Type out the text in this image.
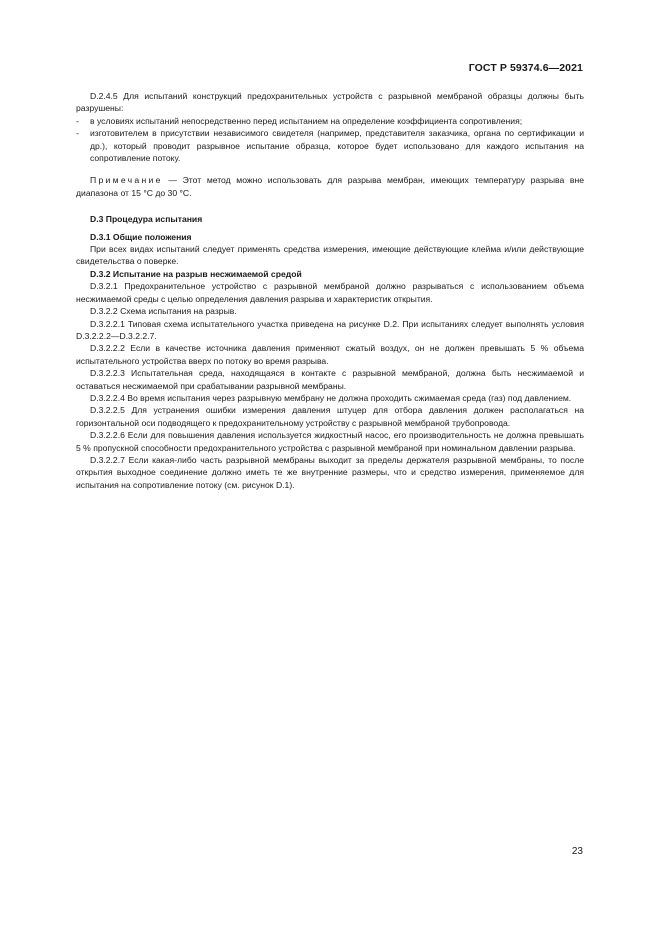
ГОСТ Р 59374.6—2021

D.2.4.5 Для испытаний конструкций предохранительных устройств с разрывной мембраной образцы должны быть разрушены:

- в условиях испытаний непосредственно перед испытанием на определение коэффициента сопротивления;
- изготовителем в присутствии независимого свидетеля (например, представителя заказчика, органа по сертификации и др.), который проводит разрывное испытание образца, которое будет использовано для каждого испытания на сопротивление потоку.

Примечание — Этот метод можно использовать для разрыва мембран, имеющих температуру разрыва вне диапазона от 15 °C до 30 °C.

D.3 Процедура испытания

D.3.1 Общие положения

При всех видах испытаний следует применять средства измерения, имеющие действующие клейма и/или действующие свидетельства о поверке.

D.3.2 Испытание на разрыв несжимаемой средой

D.3.2.1 Предохранительное устройство с разрывной мембраной должно разрываться с использованием объема несжимаемой среды с целью определения давления разрыва и характеристик открытия.

D.3.2.2 Схема испытания на разрыв.

D.3.2.2.1 Типовая схема испытательного участка приведена на рисунке D.2. При испытаниях следует выполнять условия D.3.2.2.2—D.3.2.2.7.

D.3.2.2.2 Если в качестве источника давления применяют сжатый воздух, он не должен превышать 5 % объема испытательного устройства вверх по потоку во время разрыва.

D.3.2.2.3 Испытательная среда, находящаяся в контакте с разрывной мембраной, должна быть несжимаемой и оставаться несжимаемой при срабатывании разрывной мембраны.

D.3.2.2.4 Во время испытания через разрывную мембрану не должна проходить сжимаемая среда (газ) под давлением.

D.3.2.2.5 Для устранения ошибки измерения давления штуцер для отбора давления должен располагаться на горизонтальной оси подводящего к предохранительному устройству с разрывной мембраной трубопровода.

D.3.2.2.6 Если для повышения давления используется жидкостный насос, его производительность не должна превышать 5 % пропускной способности предохранительного устройства с разрывной мембраной при номинальном давлении разрыва.

D.3.2.2.7 Если какая-либо часть разрывной мембраны выходит за пределы держателя разрывной мембраны, то после открытия выходное соединение должно иметь те же внутренние размеры, что и средство измерения, применяемое для испытания на сопротивление потоку (см. рисунок D.1).

23
